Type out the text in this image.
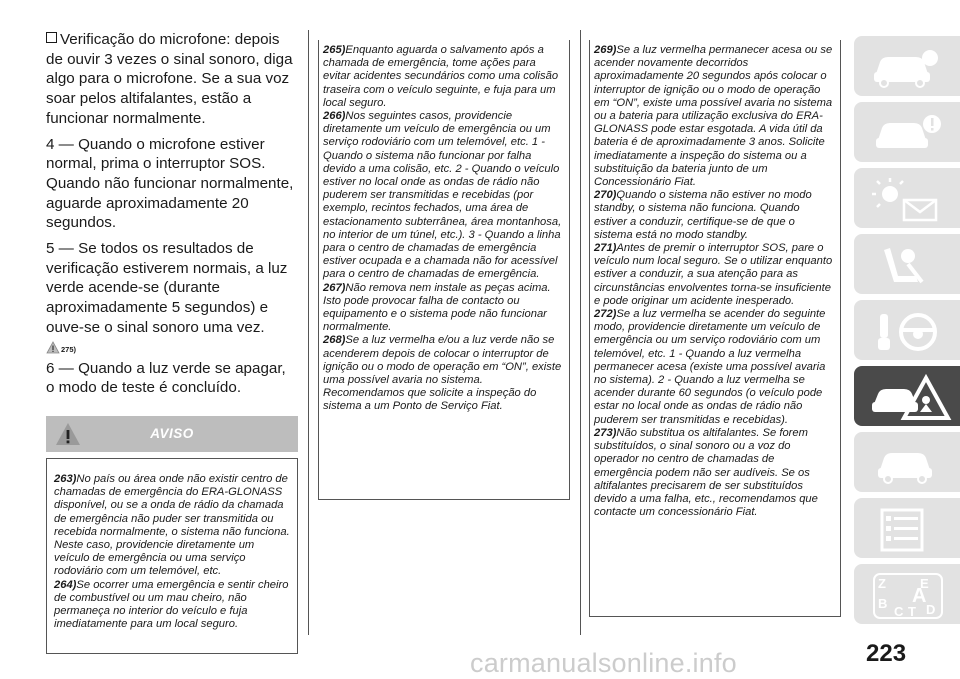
Verificação do microfone: depois de ouvir 3 vezes o sinal sonoro, diga algo para o microfone. Se a sua voz soar pelos altifalantes, estão a funcionar normalmente.

4 — Quando o microfone estiver normal, prima o interruptor SOS. Quando não funcionar normalmente, aguarde aproximadamente 20 segundos.

5 — Se todos os resultados de verificação estiverem normais, a luz verde acende-se (durante aproximadamente 5 segundos) e ouve-se o sinal sonoro uma vez.

275)

6 — Quando a luz verde se apagar, o modo de teste é concluído.

AVISO

263)No país ou área onde não existir centro de chamadas de emergência do ERA-GLONASS disponível, ou se a onda de rádio da chamada de emergência não puder ser transmitida ou recebida normalmente, o sistema não funciona. Neste caso, providencie diretamente um veículo de emergência ou uma serviço rodoviário com um telemóvel, etc.

264)Se ocorrer uma emergência e sentir cheiro de combustível ou um mau cheiro, não permaneça no interior do veículo e fuja imediatamente para um local seguro.

265)Enquanto aguarda o salvamento após a chamada de emergência, tome ações para evitar acidentes secundários como uma colisão traseira com o veículo seguinte, e fuja para um local seguro.

266)Nos seguintes casos, providencie diretamente um veículo de emergência ou um serviço rodoviário com um telemóvel, etc. 1 - Quando o sistema não funcionar por falha devido a uma colisão, etc. 2 - Quando o veículo estiver no local onde as ondas de rádio não puderem ser transmitidas e recebidas (por exemplo, recintos fechados, uma área de estacionamento subterrânea, área montanhosa, no interior de um túnel, etc.). 3 - Quando a linha para o centro de chamadas de emergência estiver ocupada e a chamada não for acessível para o centro de chamadas de emergência.

267)Não remova nem instale as peças acima. Isto pode provocar falha de contacto ou equipamento e o sistema pode não funcionar normalmente.

268)Se a luz vermelha e/ou a luz verde não se acenderem depois de colocar o interruptor de ignição ou o modo de operação em “ON”, existe uma possível avaria no sistema. Recomendamos que solicite a inspeção do sistema a um Ponto de Serviço Fiat.

269)Se a luz vermelha permanecer acesa ou se acender novamente decorridos aproximadamente 20 segundos após colocar o interruptor de ignição ou o modo de operação em “ON”, existe uma possível avaria no sistema ou a bateria para utilização exclusiva do ERA-GLONASS pode estar esgotada. A vida útil da bateria é de aproximadamente 3 anos. Solicite imediatamente a inspeção do sistema ou a substituição da bateria junto de um Concessionário Fiat.

270)Quando o sistema não estiver no modo standby, o sistema não funciona. Quando estiver a conduzir, certifique-se de que o sistema está no modo standby.

271)Antes de premir o interruptor SOS, pare o veículo num local seguro. Se o utilizar enquanto estiver a conduzir, a sua atenção para as circunstâncias envolventes torna-se insuficiente e pode originar um acidente inesperado.

272)Se a luz vermelha se acender do seguinte modo, providencie diretamente um veículo de emergência ou um serviço rodoviário com um telemóvel, etc. 1 - Quando a luz vermelha permanecer acesa (existe uma possível avaria no sistema). 2 - Quando a luz vermelha se acender durante 60 segundos (o veículo pode estar no local onde as ondas de rádio não puderem ser transmitidas e recebidas).

273)Não substitua os altifalantes. Se forem substituídos, o sinal sonoro ou a voz do operador no centro de chamadas de emergência podem não ser audíveis. Se os altifalantes precisarem de ser substituídos devido a uma falha, etc., recomendamos que contacte um concessionário Fiat.

Z	E
B A
C T D
carmanualsonline.info	223
